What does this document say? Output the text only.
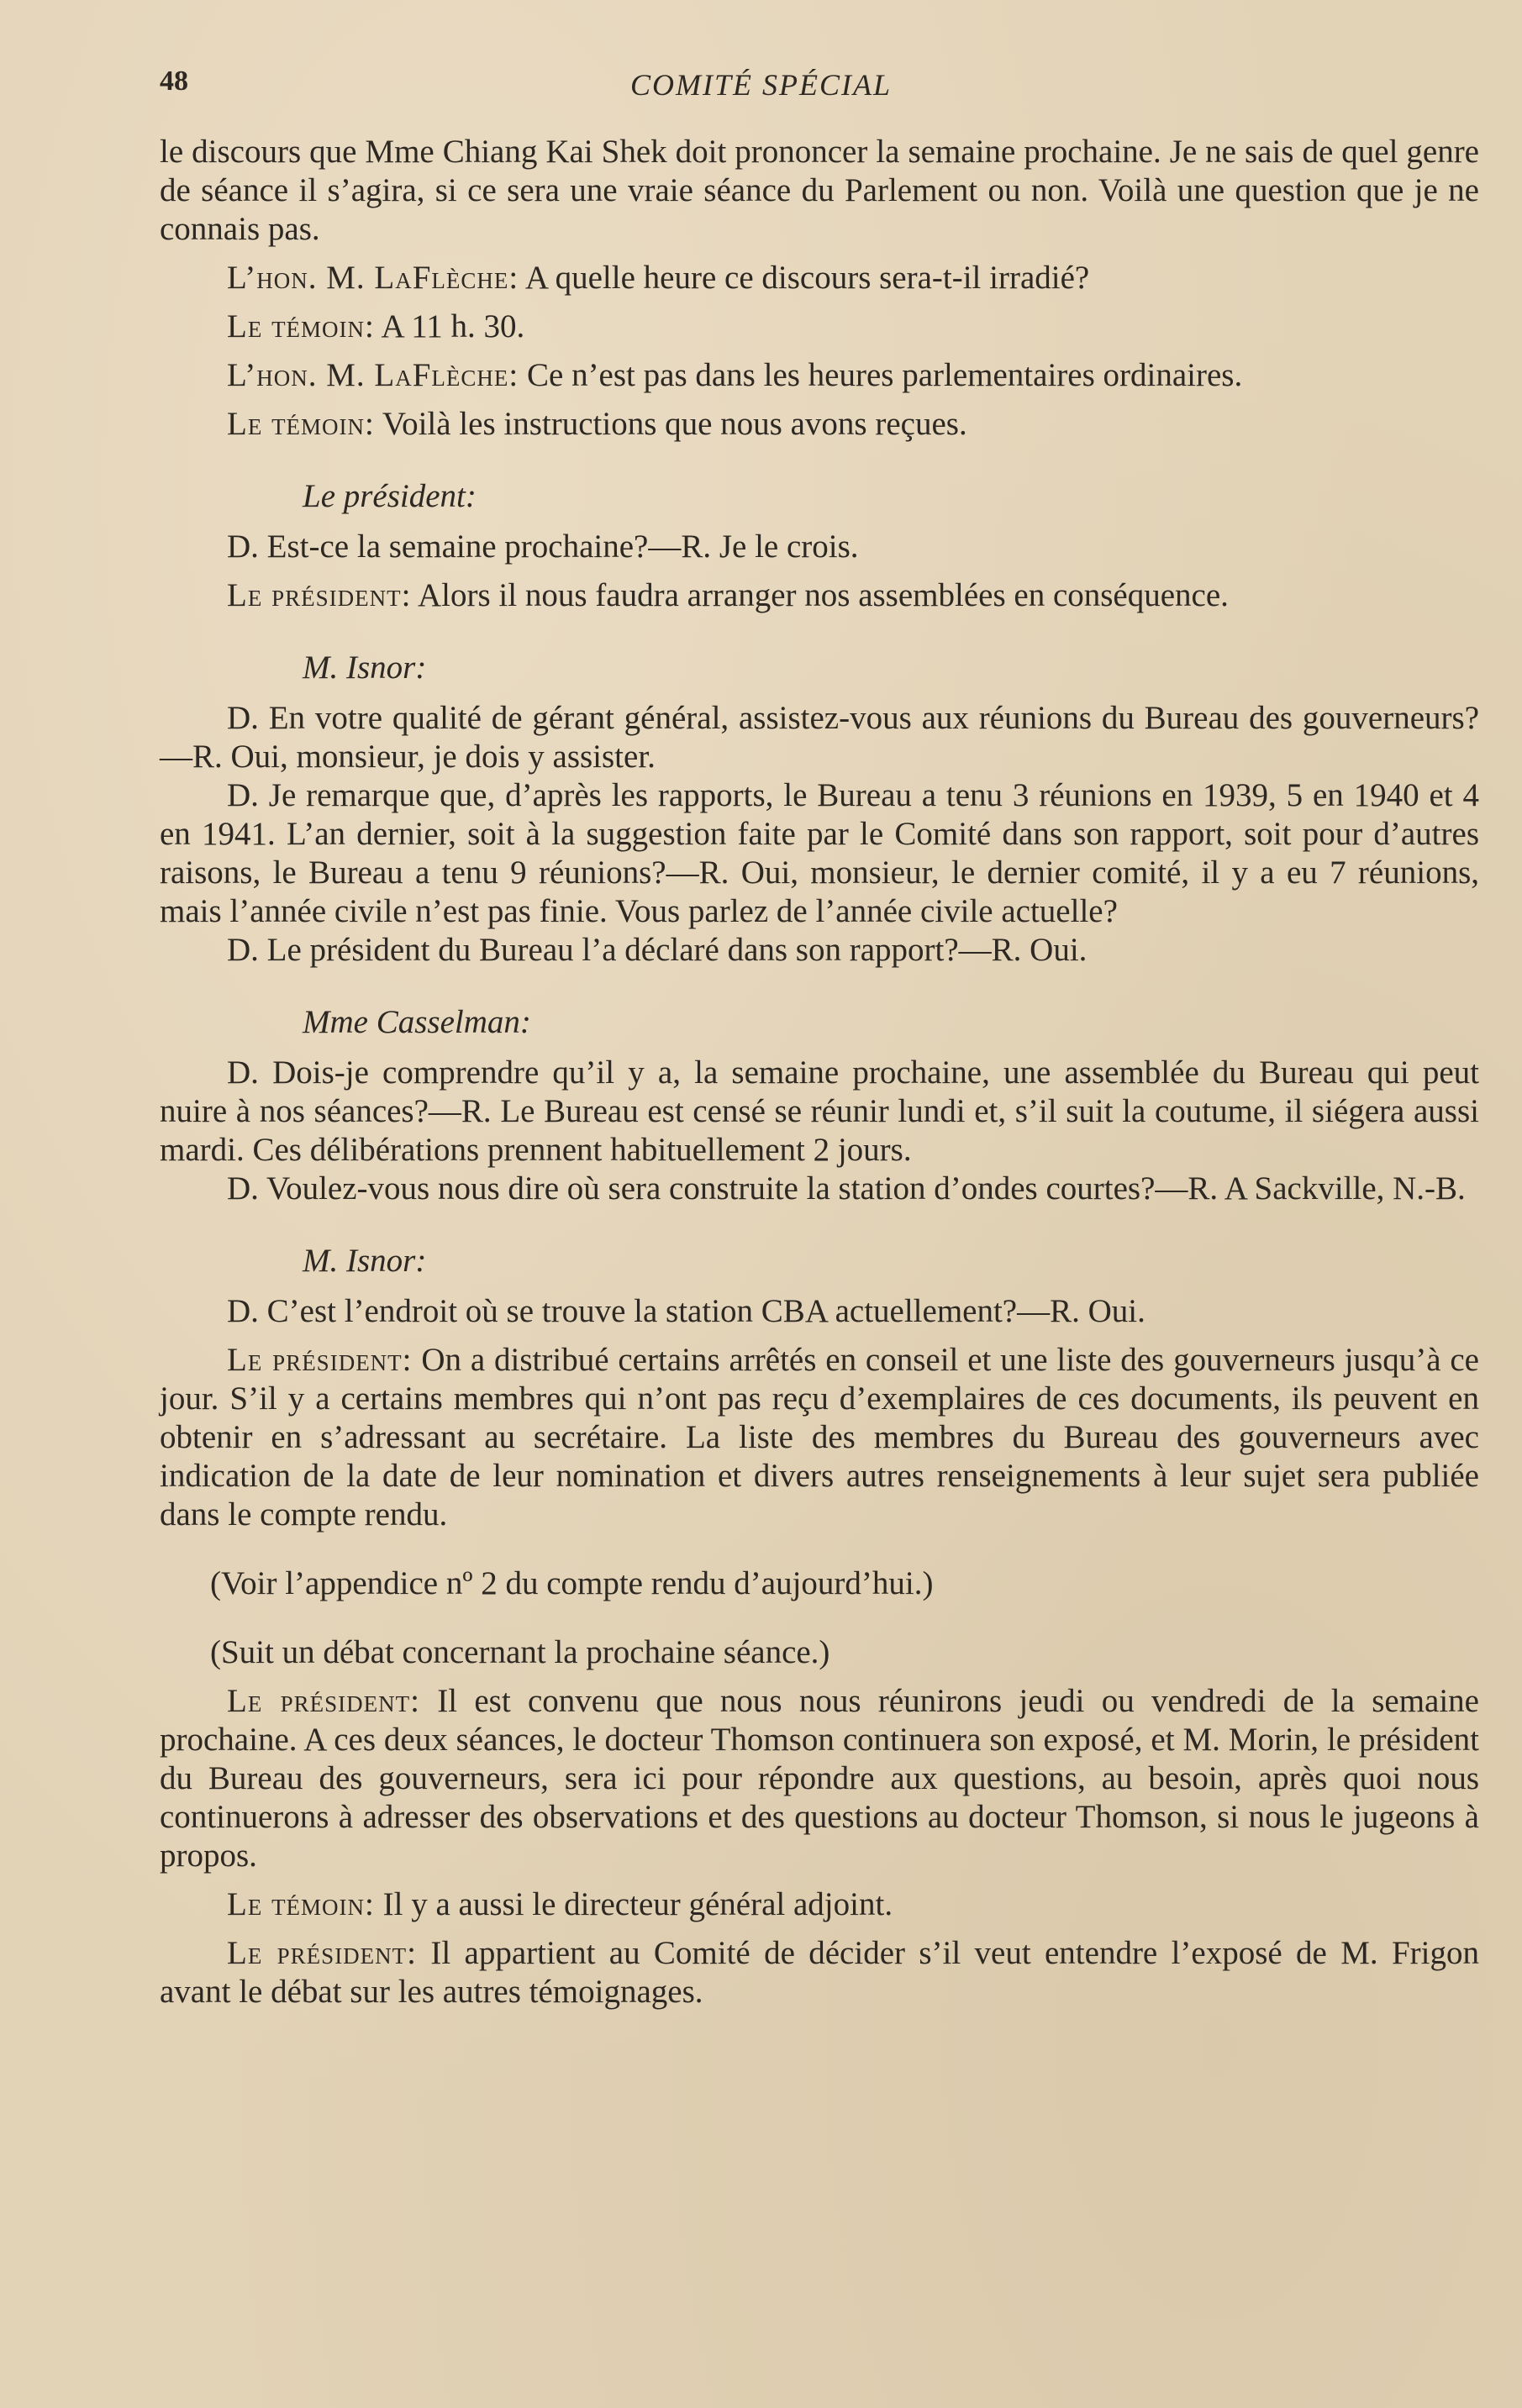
48	COMITÉ SPÉCIAL

le discours que Mme Chiang Kai Shek doit prononcer la semaine prochaine. Je ne sais de quel genre de séance il s’agira, si ce sera une vraie séance du Parlement ou non. Voilà une question que je ne connais pas.

L’hon. M. LaFlèche: A quelle heure ce discours sera-t-il irradié?

Le témoin: A 11 h. 30.

L’hon. M. LaFlèche: Ce n’est pas dans les heures parlementaires ordinaires.

Le témoin: Voilà les instructions que nous avons reçues.

Le président:

D. Est-ce la semaine prochaine?—R. Je le crois.

Le président: Alors il nous faudra arranger nos assemblées en conséquence.

M. Isnor:

D. En votre qualité de gérant général, assistez-vous aux réunions du Bureau des gouverneurs?—R. Oui, monsieur, je dois y assister.

D. Je remarque que, d’après les rapports, le Bureau a tenu 3 réunions en 1939, 5 en 1940 et 4 en 1941. L’an dernier, soit à la suggestion faite par le Comité dans son rapport, soit pour d’autres raisons, le Bureau a tenu 9 réunions?—R. Oui, monsieur, le dernier comité, il y a eu 7 réunions, mais l’année civile n’est pas finie. Vous parlez de l’année civile actuelle?

D. Le président du Bureau l’a déclaré dans son rapport?—R. Oui.

Mme Casselman:

D. Dois-je comprendre qu’il y a, la semaine prochaine, une assemblée du Bureau qui peut nuire à nos séances?—R. Le Bureau est censé se réunir lundi et, s’il suit la coutume, il siégera aussi mardi. Ces délibérations prennent habituellement 2 jours.

D. Voulez-vous nous dire où sera construite la station d’ondes courtes?—R. A Sackville, N.-B.

M. Isnor:

D. C’est l’endroit où se trouve la station CBA actuellement?—R. Oui.

Le président: On a distribué certains arrêtés en conseil et une liste des gouverneurs jusqu’à ce jour. S’il y a certains membres qui n’ont pas reçu d’exemplaires de ces documents, ils peuvent en obtenir en s’adressant au secrétaire. La liste des membres du Bureau des gouverneurs avec indication de la date de leur nomination et divers autres renseignements à leur sujet sera publiée dans le compte rendu.

(Voir l’appendice nº 2 du compte rendu d’aujourd’hui.)

(Suit un débat concernant la prochaine séance.)

Le président: Il est convenu que nous nous réunirons jeudi ou vendredi de la semaine prochaine. A ces deux séances, le docteur Thomson continuera son exposé, et M. Morin, le président du Bureau des gouverneurs, sera ici pour répondre aux questions, au besoin, après quoi nous continuerons à adresser des observations et des questions au docteur Thomson, si nous le jugeons à propos.

Le témoin: Il y a aussi le directeur général adjoint.

Le président: Il appartient au Comité de décider s’il veut entendre l’exposé de M. Frigon avant le débat sur les autres témoignages.
